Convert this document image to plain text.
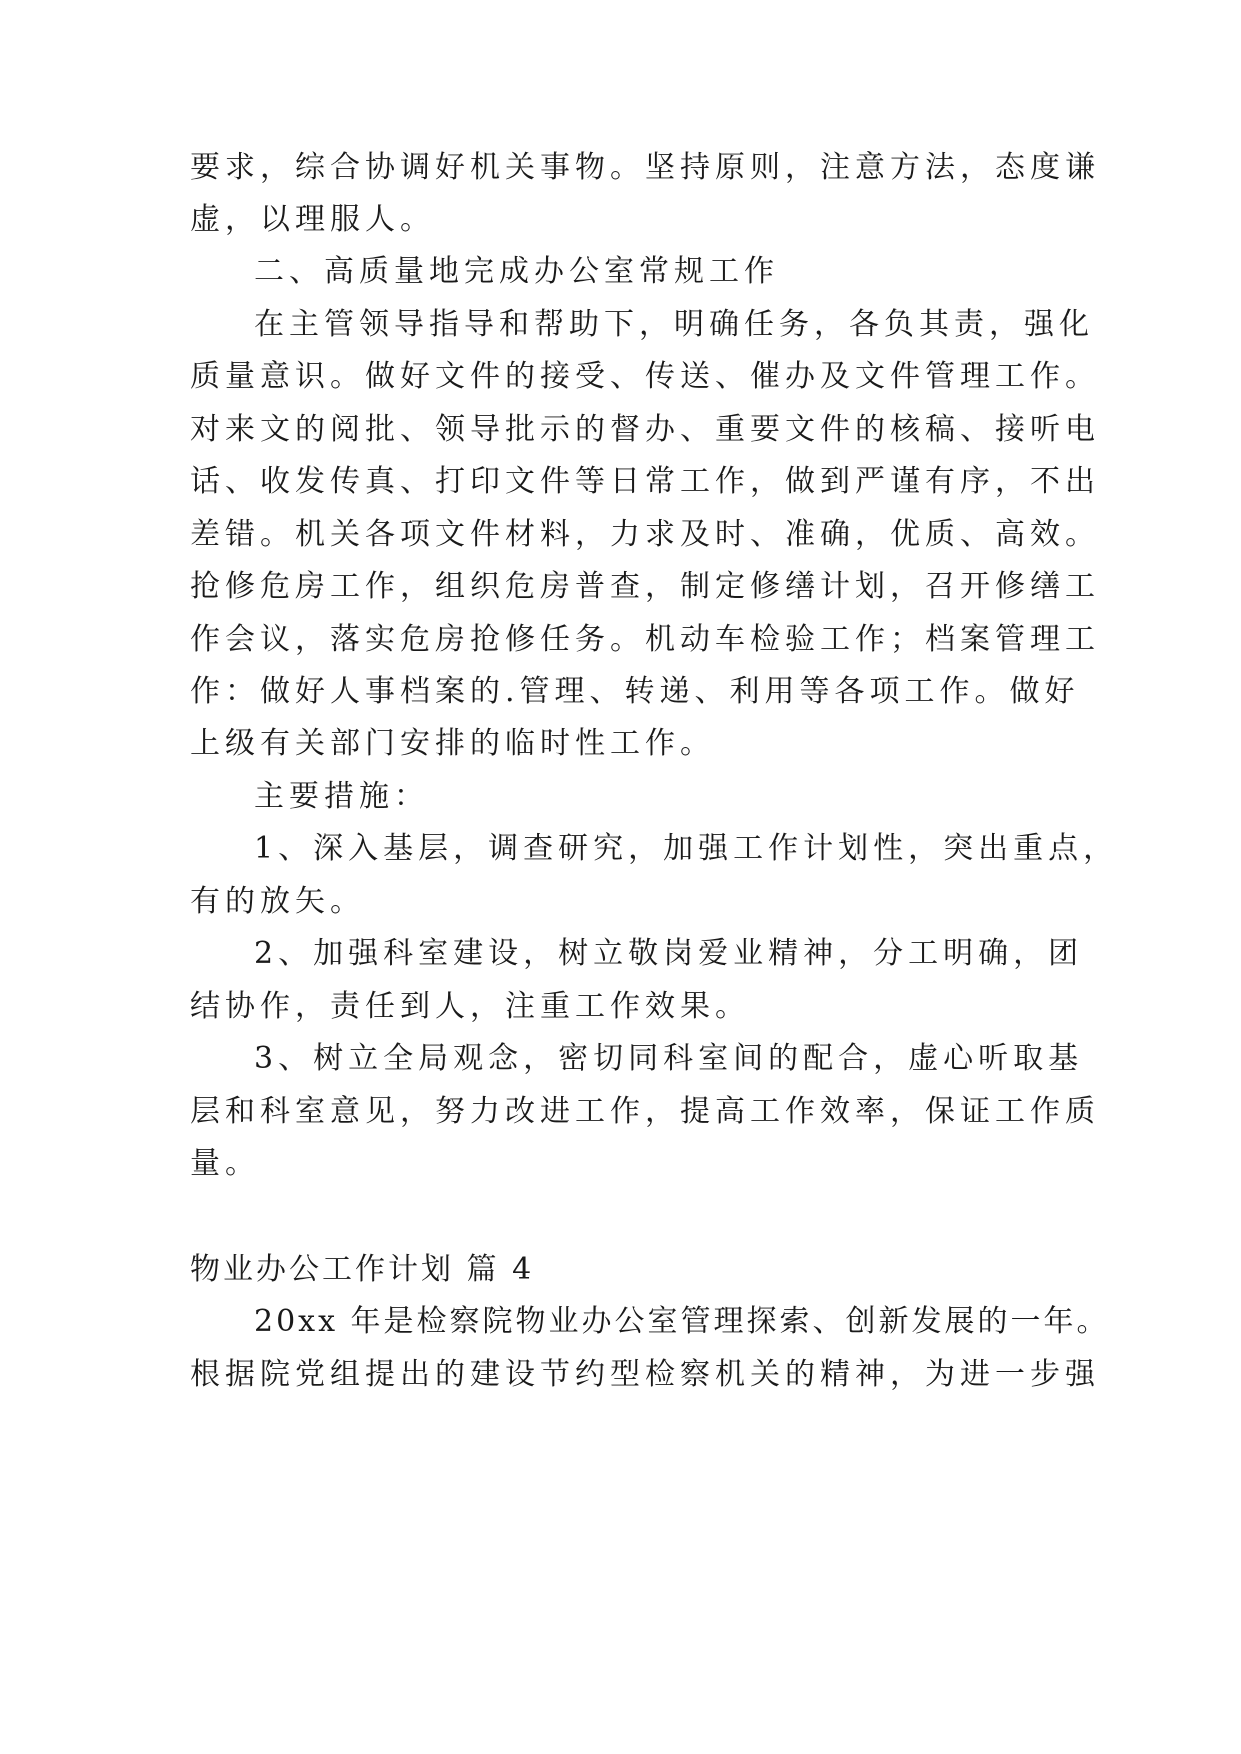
要求，综合协调好机关事物。坚持原则，注意方法，态度谦
虚，以理服人。
二、高质量地完成办公室常规工作
在主管领导指导和帮助下，明确任务，各负其责，强化
质量意识。做好文件的接受、传送、催办及文件管理工作。
对来文的阅批、领导批示的督办、重要文件的核稿、接听电
话、收发传真、打印文件等日常工作，做到严谨有序，不出
差错。机关各项文件材料，力求及时、准确，优质、高效。
抢修危房工作，组织危房普查，制定修缮计划，召开修缮工
作会议，落实危房抢修任务。机动车检验工作；档案管理工
作：做好人事档案的.管理、转递、利用等各项工作。做好
上级有关部门安排的临时性工作。
主要措施：
1、深入基层，调查研究，加强工作计划性，突出重点，
有的放矢。
2、加强科室建设，树立敬岗爱业精神，分工明确，团
结协作，责任到人，注重工作效果。
3、树立全局观念，密切同科室间的配合，虚心听取基
层和科室意见，努力改进工作，提高工作效率，保证工作质
量。
物业办公工作计划 篇 4
20xx 年是检察院物业办公室管理探索、创新发展的一年。
根据院党组提出的建设节约型检察机关的精神，为进一步强
